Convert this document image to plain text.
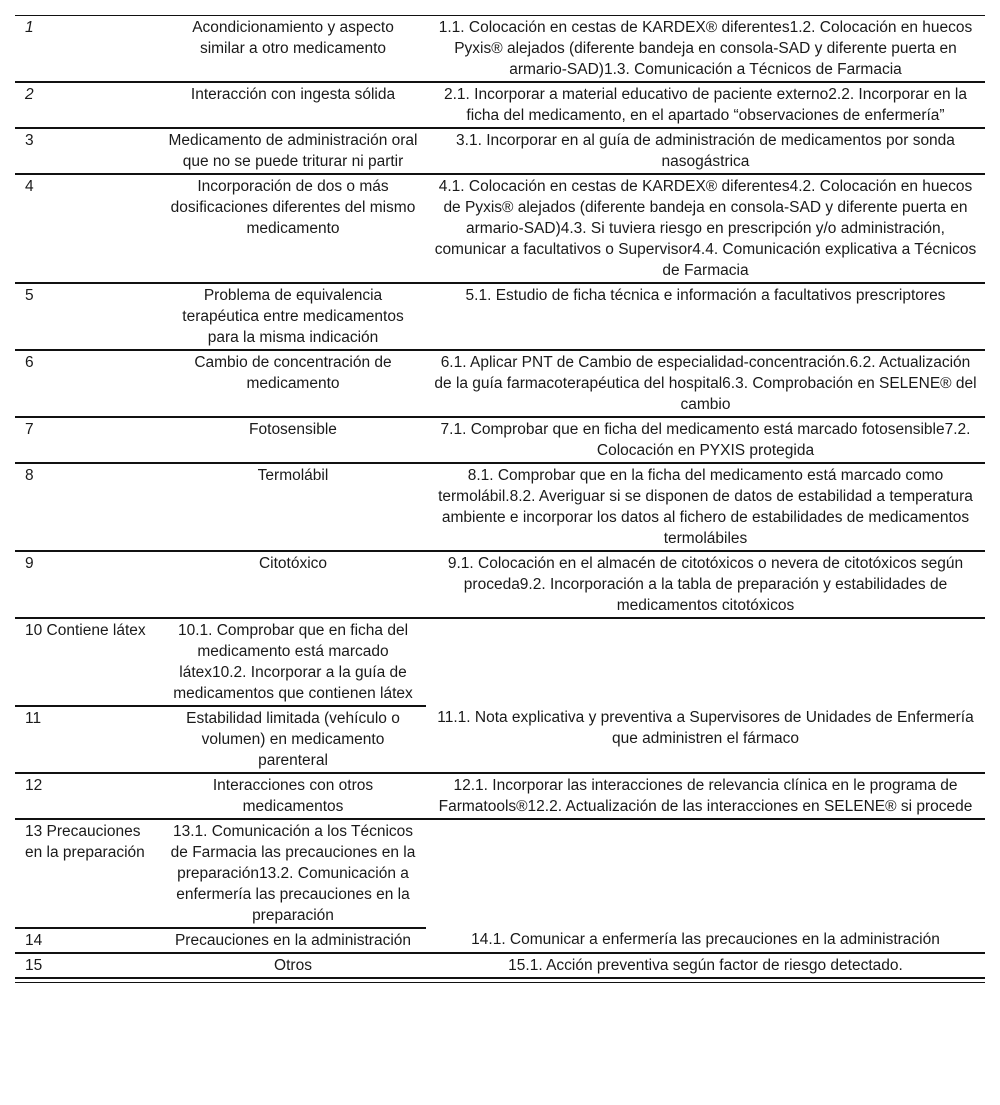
1	Acondicionamiento y aspecto similar a otro medicamento	1.1. Colocación en cestas de KARDEX® diferentes1.2. Colocación en huecos Pyxis® alejados (diferente bandeja en consola-SAD y diferente puerta en armario-SAD)1.3. Comunicación a Técnicos de Farmacia
2	Interacción con ingesta sólida	2.1. Incorporar a material educativo de paciente externo2.2. Incorporar en la ficha del medicamento, en el apartado “observaciones de enfermería”
3	Medicamento de administración oral que no se puede triturar ni partir	3.1. Incorporar en al guía de administración de medicamentos por sonda nasogástrica
4	Incorporación de dos o más dosificaciones diferentes del mismo medicamento	4.1. Colocación en cestas de KARDEX® diferentes4.2. Colocación en huecos de Pyxis® alejados (diferente bandeja en consola-SAD y diferente puerta en armario-SAD)4.3. Si tuviera riesgo en prescripción y/o administración, comunicar a facultativos o Supervisor4.4. Comunicación explicativa a Técnicos de Farmacia
5	Problema de equivalencia terapéutica entre medicamentos para la misma indicación	5.1. Estudio de ficha técnica e información a facultativos prescriptores
6	Cambio de concentración de medicamento	6.1. Aplicar PNT de Cambio de especialidad-concentración.6.2. Actualización de la guía farmacoterapéutica del hospital6.3. Comprobación en SELENE® del cambio
7	Fotosensible	7.1. Comprobar que en ficha del medicamento está marcado fotosensible7.2. Colocación en PYXIS protegida
8	Termolábil	8.1. Comprobar que en la ficha del medicamento está marcado como termolábil.8.2. Averiguar si se disponen de datos de estabilidad a temperatura ambiente e incorporar los datos al fichero de estabilidades de medicamentos termolábiles
9	Citotóxico	9.1. Colocación en el almacén de citotóxicos o nevera de citotóxicos según proceda9.2. Incorporación a la tabla de preparación y estabilidades de medicamentos citotóxicos
10 Contiene látex	10.1. Comprobar que en ficha del medicamento está marcado látex10.2. Incorporar a la guía de medicamentos que contienen látex	
11	Estabilidad limitada (vehículo o volumen) en medicamento parenteral	11.1. Nota explicativa y preventiva a Supervisores de Unidades de Enfermería que administren el fármaco
12	Interacciones con otros medicamentos	12.1. Incorporar las interacciones de relevancia clínica en le programa de Farmatools®12.2. Actualización de las interacciones en SELENE® si procede
13 Precauciones en la preparación	13.1. Comunicación a los Técnicos de Farmacia las precauciones en la preparación13.2. Comunicación a enfermería las precauciones en la preparación	
14	Precauciones en la administración	14.1. Comunicar a enfermería las precauciones en la administración
15	Otros	15.1. Acción preventiva según factor de riesgo detectado.
